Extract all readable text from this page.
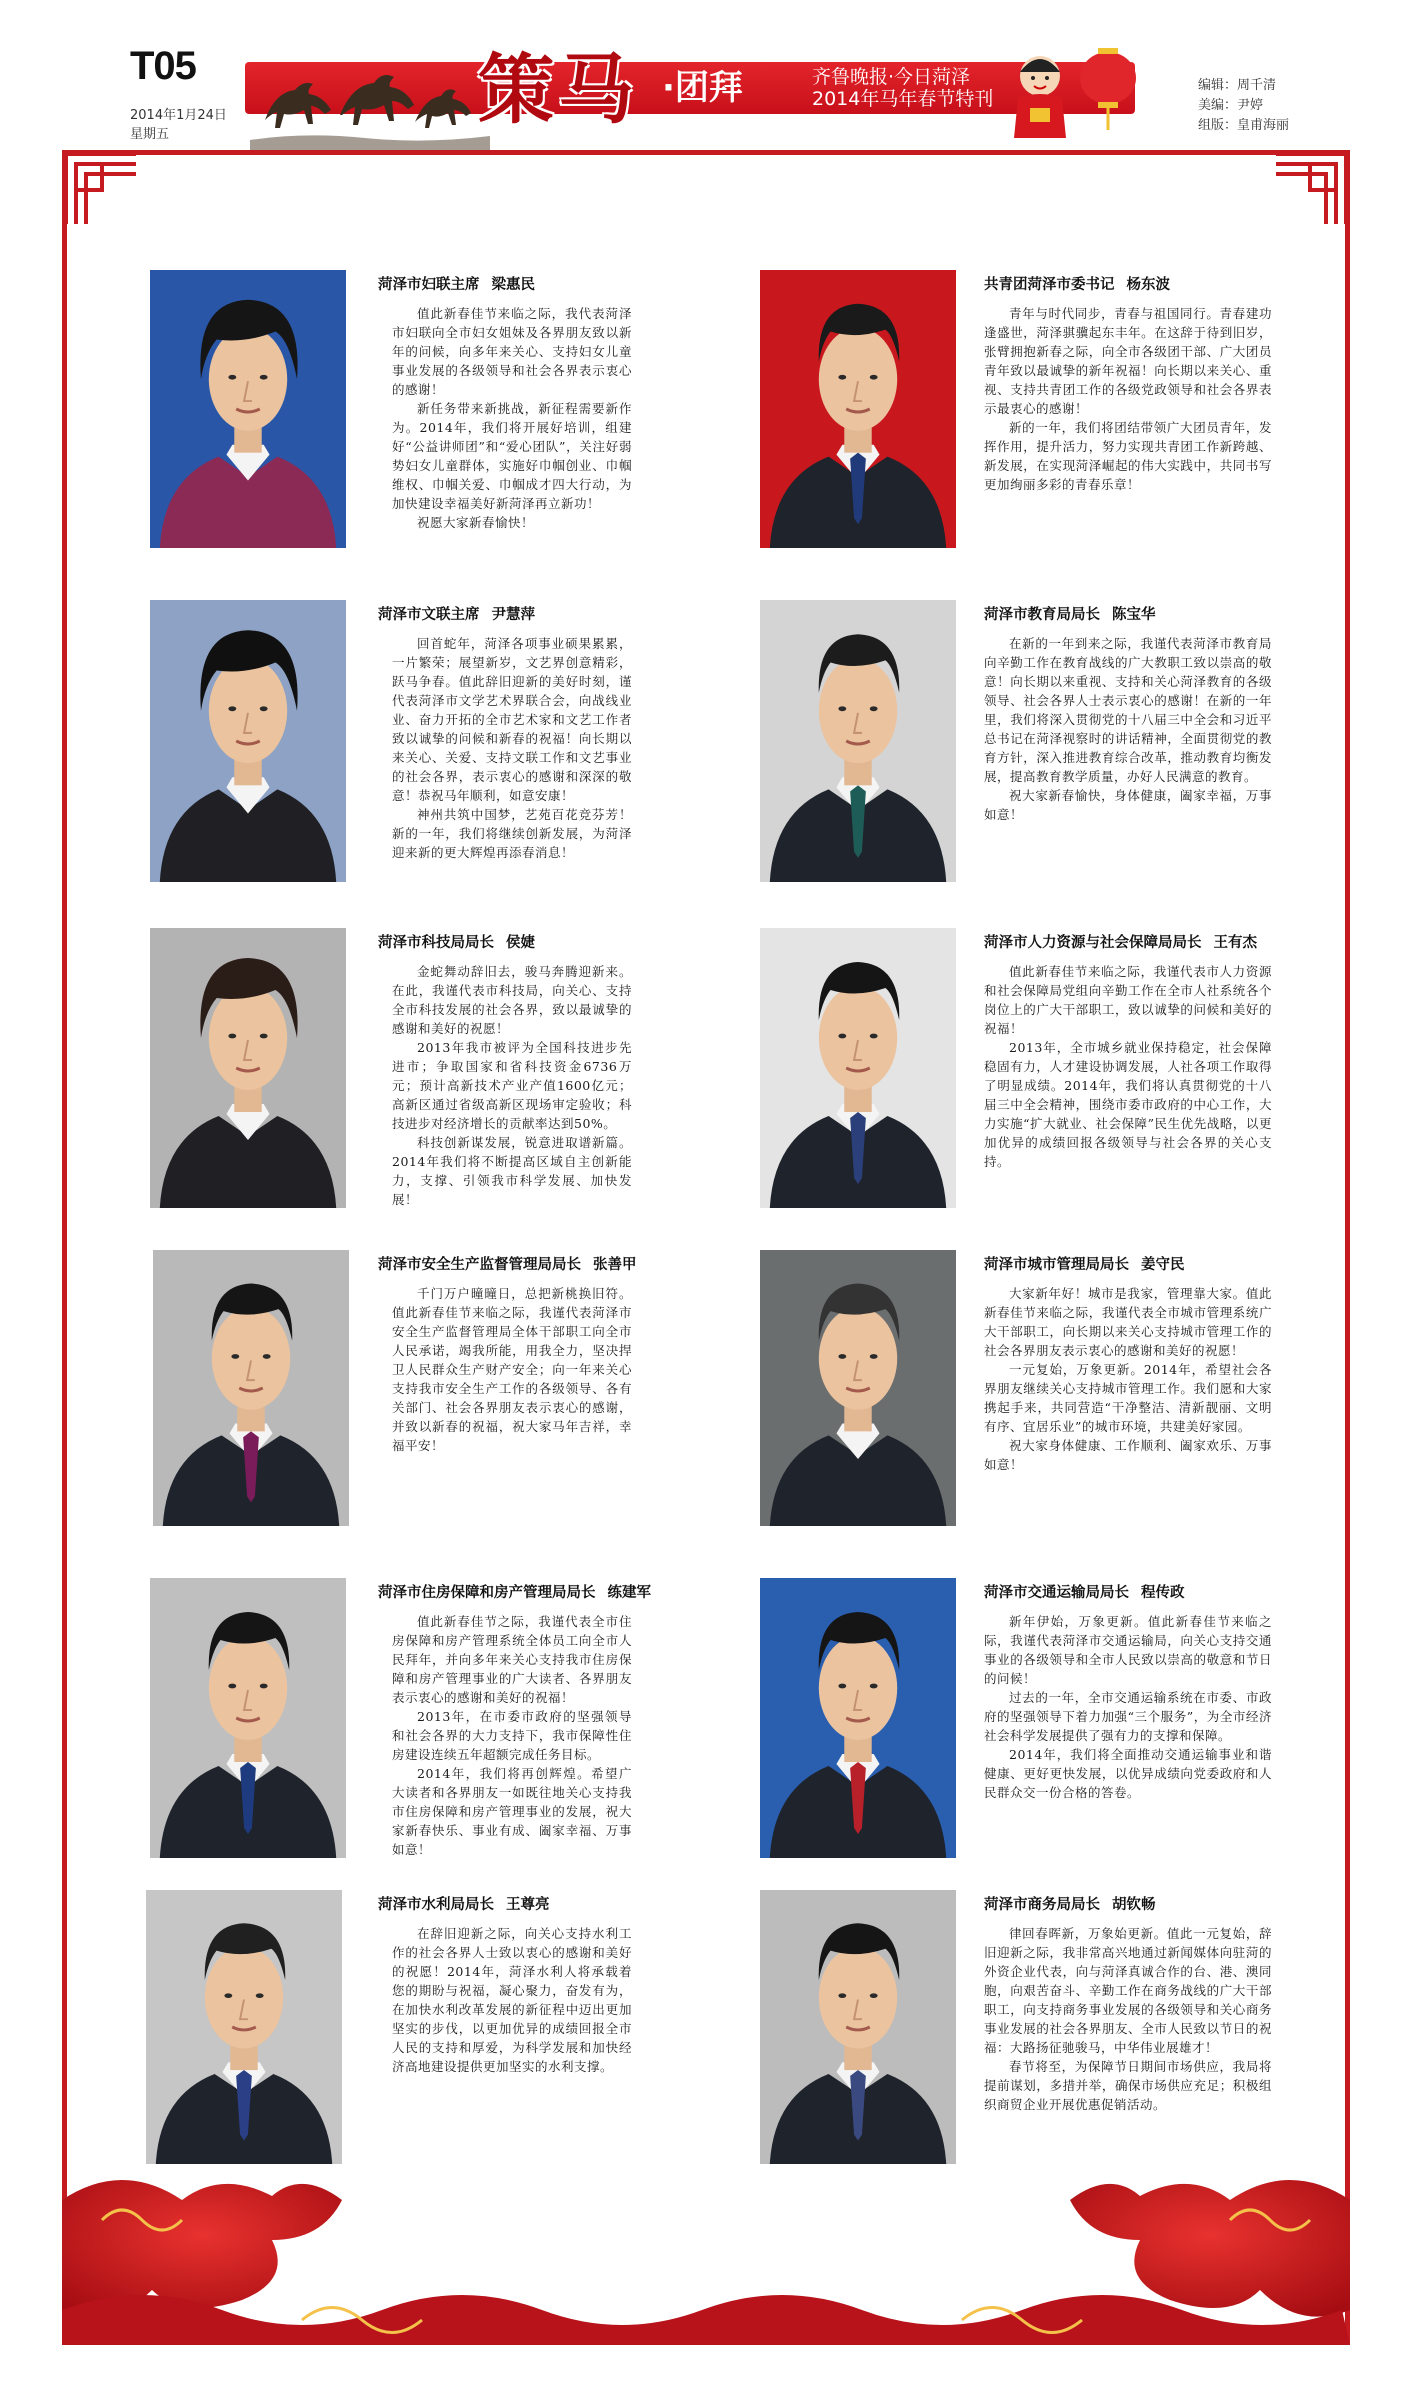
T05
2014年1月24日
星期五
策马 ·团拜	齐鲁晚报·今日菏泽
2014年马年春节特刊
编辑：周千清
美编：尹婷
组版：皇甫海丽
菏泽市妇联主席 梁惠民

值此新春佳节来临之际，我代表菏泽市妇联向全市妇女姐妹及各界朋友致以新年的问候，向多年来关心、支持妇女儿童事业发展的各级领导和社会各界表示衷心的感谢！

新任务带来新挑战，新征程需要新作为。2014年，我们将开展好培训，组建好“公益讲师团”和“爱心团队”，关注好弱势妇女儿童群体，实施好巾帼创业、巾帼维权、巾帼关爱、巾帼成才四大行动，为加快建设幸福美好新菏泽再立新功！

祝愿大家新春愉快！

共青团菏泽市委书记 杨东波

青年与时代同步，青春与祖国同行。青春建功逢盛世，菏泽骐骥起东丰年。在这辞于待到旧岁，张臂拥抱新春之际，向全市各级团干部、广大团员青年致以最诚挚的新年祝福！向长期以来关心、重视、支持共青团工作的各级党政领导和社会各界表示最衷心的感谢！

新的一年，我们将团结带领广大团员青年，发挥作用，提升活力，努力实现共青团工作新跨越、新发展，在实现菏泽崛起的伟大实践中，共同书写更加绚丽多彩的青春乐章！

菏泽市文联主席 尹慧萍

回首蛇年，菏泽各项事业硕果累累，一片繁荣；展望新岁，文艺界创意精彩，跃马争春。值此辞旧迎新的美好时刻，谨代表菏泽市文学艺术界联合会，向战线业业、奋力开拓的全市艺术家和文艺工作者致以诚挚的问候和新春的祝福！向长期以来关心、关爱、支持文联工作和文艺事业的社会各界，表示衷心的感谢和深深的敬意！恭祝马年顺利，如意安康！

神州共筑中国梦，艺苑百花竞芬芳！新的一年，我们将继续创新发展，为菏泽迎来新的更大辉煌再添春消息！

菏泽市教育局局长 陈宝华

在新的一年到来之际，我谨代表菏泽市教育局向辛勤工作在教育战线的广大教职工致以崇高的敬意！向长期以来重视、支持和关心菏泽教育的各级领导、社会各界人士表示衷心的感谢！在新的一年里，我们将深入贯彻党的十八届三中全会和习近平总书记在菏泽视察时的讲话精神，全面贯彻党的教育方针，深入推进教育综合改革，推动教育均衡发展，提高教育教学质量，办好人民满意的教育。

祝大家新春愉快，身体健康，阖家幸福，万事如意！

菏泽市科技局局长 侯婕

金蛇舞动辞旧去，骏马奔腾迎新来。在此，我谨代表市科技局，向关心、支持全市科技发展的社会各界，致以最诚挚的感谢和美好的祝愿！

2013年我市被评为全国科技进步先进市；争取国家和省科技资金6736万元；预计高新技术产业产值1600亿元；高新区通过省级高新区现场审定验收；科技进步对经济增长的贡献率达到50%。

科技创新谋发展，锐意进取谱新篇。2014年我们将不断提高区域自主创新能力，支撑、引领我市科学发展、加快发展！

菏泽市人力资源与社会保障局局长 王有杰

值此新春佳节来临之际，我谨代表市人力资源和社会保障局党组向辛勤工作在全市人社系统各个岗位上的广大干部职工，致以诚挚的问候和美好的祝福！

2013年，全市城乡就业保持稳定，社会保障稳固有力，人才建设协调发展，人社各项工作取得了明显成绩。2014年，我们将认真贯彻党的十八届三中全会精神，围绕市委市政府的中心工作，大力实施“扩大就业、社会保障”民生优先战略，以更加优异的成绩回报各级领导与社会各界的关心支持。

菏泽市安全生产监督管理局局长 张善甲

千门万户曈曈日，总把新桃换旧符。值此新春佳节来临之际，我谨代表菏泽市安全生产监督管理局全体干部职工向全市人民承诺，竭我所能，用我全力，坚决捍卫人民群众生产财产安全；向一年来关心支持我市安全生产工作的各级领导、各有关部门、社会各界朋友表示衷心的感谢，并致以新春的祝福，祝大家马年吉祥，幸福平安！

菏泽市城市管理局局长 姜守民

大家新年好！城市是我家，管理靠大家。值此新春佳节来临之际，我谨代表全市城市管理系统广大干部职工，向长期以来关心支持城市管理工作的社会各界朋友表示衷心的感谢和美好的祝愿！

一元复始，万象更新。2014年，希望社会各界朋友继续关心支持城市管理工作。我们愿和大家携起手来，共同营造“干净整洁、清新靓丽、文明有序、宜居乐业”的城市环境，共建美好家园。

祝大家身体健康、工作顺利、阖家欢乐、万事如意！

菏泽市住房保障和房产管理局局长 练建军

值此新春佳节之际，我谨代表全市住房保障和房产管理系统全体员工向全市人民拜年，并向多年来关心支持我市住房保障和房产管理事业的广大读者、各界朋友表示衷心的感谢和美好的祝福！

2013年，在市委市政府的坚强领导和社会各界的大力支持下，我市保障性住房建设连续五年超额完成任务目标。

2014年，我们将再创辉煌。希望广大读者和各界朋友一如既往地关心支持我市住房保障和房产管理事业的发展，祝大家新春快乐、事业有成、阖家幸福、万事如意！

菏泽市交通运输局局长 程传政

新年伊始，万象更新。值此新春佳节来临之际，我谨代表菏泽市交通运输局，向关心支持交通事业的各级领导和全市人民致以崇高的敬意和节日的问候！

过去的一年，全市交通运输系统在市委、市政府的坚强领导下着力加强“三个服务”，为全市经济社会科学发展提供了强有力的支撑和保障。

2014年，我们将全面推动交通运输事业和谐健康、更好更快发展，以优异成绩向党委政府和人民群众交一份合格的答卷。

菏泽市水利局局长 王尊亮

在辞旧迎新之际，向关心支持水利工作的社会各界人士致以衷心的感谢和美好的祝愿！2014年，菏泽水利人将承载着您的期盼与祝福，凝心聚力，奋发有为，在加快水利改革发展的新征程中迈出更加坚实的步伐，以更加优异的成绩回报全市人民的支持和厚爱，为科学发展和加快经济高地建设提供更加坚实的水利支撑。

菏泽市商务局局长 胡钦畅

律回春晖新，万象始更新。值此一元复始，辞旧迎新之际，我非常高兴地通过新闻媒体向驻菏的外资企业代表，向与菏泽真诚合作的台、港、澳同胞，向艰苦奋斗、辛勤工作在商务战线的广大干部职工，向支持商务事业发展的各级领导和关心商务事业发展的社会各界朋友、全市人民致以节日的祝福：大路扬征驰骏马，中华伟业展雄才！

春节将至，为保障节日期间市场供应，我局将提前谋划，多措并举，确保市场供应充足；积极组织商贸企业开展优惠促销活动。
